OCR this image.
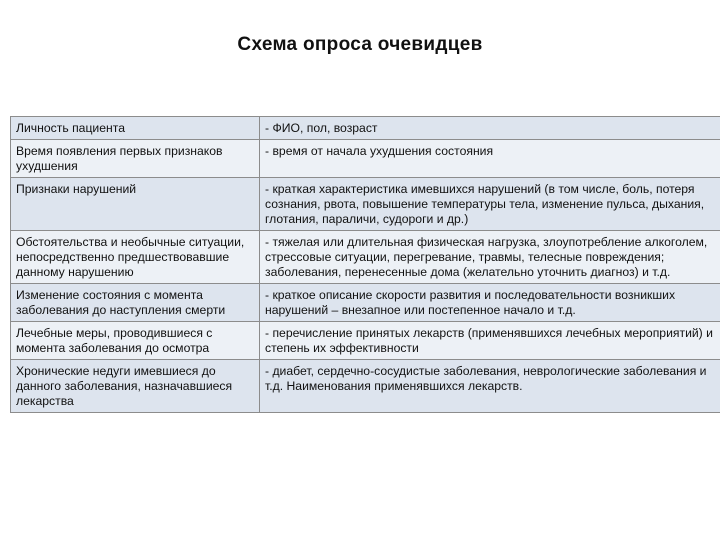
Схема опроса очевидцев
Личность пациента	- ФИО, пол, возраст
Время появления первых признаков ухудшения	- время от начала ухудшения состояния
Признаки нарушений	- краткая характеристика имевшихся нарушений (в том числе, боль, потеря сознания, рвота, повышение температуры тела, изменение пульса, дыхания, глотания, параличи, судороги и др.)
Обстоятельства и необычные ситуации, непосредственно предшествовавшие данному нарушению	- тяжелая или длительная физическая нагрузка, злоупотребление алкоголем, стрессовые ситуации, перегревание, травмы, телесные повреждения; заболевания, перенесенные дома (желательно уточнить диагноз) и т.д.
Изменение состояния с момента заболевания до наступления смерти	- краткое описание скорости развития и последовательности возникших нарушений – внезапное или постепенное начало и т.д.
Лечебные меры, проводившиеся с момента заболевания до осмотра	- перечисление принятых лекарств (применявшихся лечебных мероприятий) и степень их эффективности
Хронические недуги имевшиеся до данного заболевания, назначавшиеся лекарства	- диабет, сердечно-сосудистые заболевания, неврологические заболевания и т.д. Наименования применявшихся лекарств.
